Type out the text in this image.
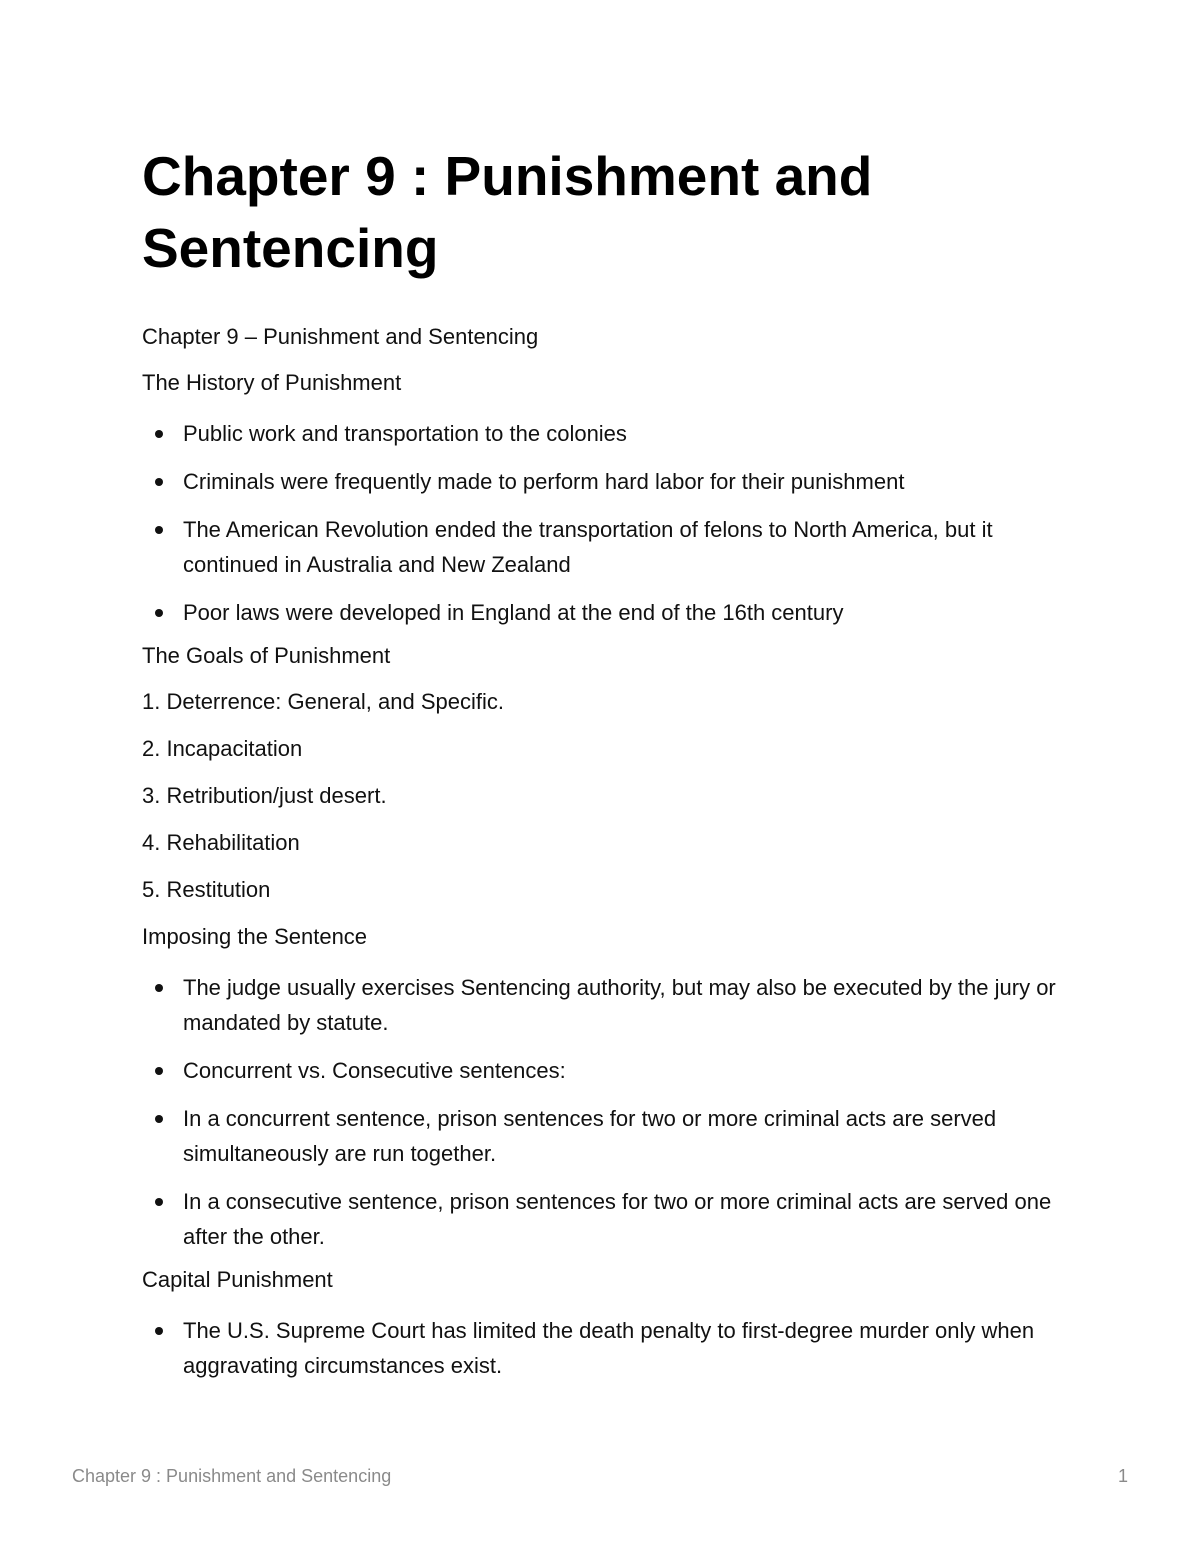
Chapter 9 : Punishment and Sentencing
Chapter 9 – Punishment and Sentencing
The History of Punishment
Public work and transportation to the colonies
Criminals were frequently made to perform hard labor for their punishment
The American Revolution ended the transportation of felons to North America, but it continued in Australia and New Zealand
Poor laws were developed in England at the end of the 16th century
The Goals of Punishment
1. Deterrence: General, and Specific.
2. Incapacitation
3. Retribution/just desert.
4. Rehabilitation
5. Restitution
Imposing the Sentence
The judge usually exercises Sentencing authority, but may also be executed by the jury or mandated by statute.
Concurrent vs. Consecutive sentences:
In a concurrent sentence, prison sentences for two or more criminal acts are served simultaneously are run together.
In a consecutive sentence, prison sentences for two or more criminal acts are served one after the other.
Capital Punishment
The U.S. Supreme Court has limited the death penalty to first-degree murder only when aggravating circumstances exist.
Chapter 9 : Punishment and Sentencing	1
